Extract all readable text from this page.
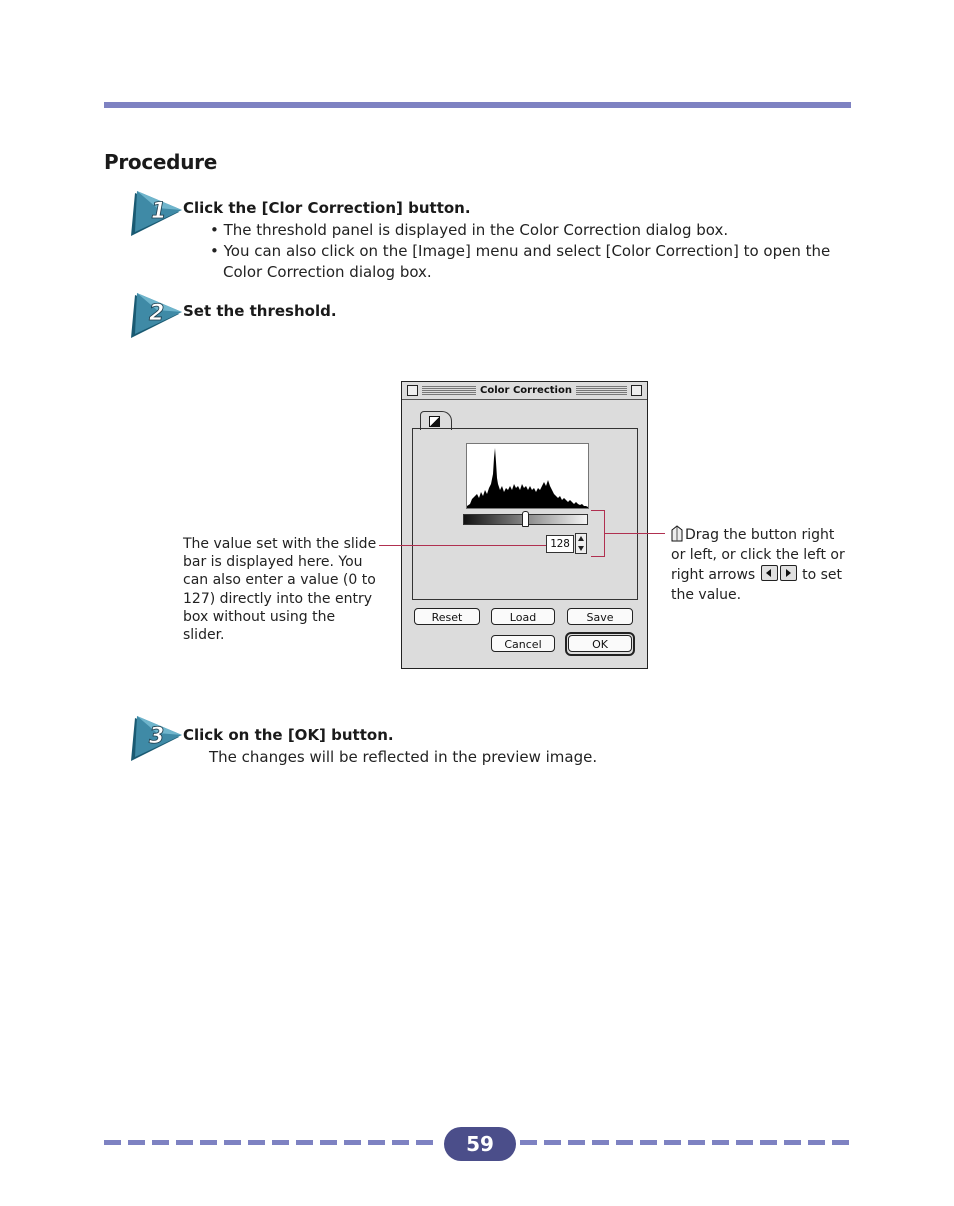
Procedure
1 Click the [Clor Correction] button.
• The threshold panel is displayed in the Color Correction dialog box.
• You can also click on the [Image] menu and select [Color Correction] to open the
Color Correction dialog box.
2 Set the threshold.
Color Correction
128
Reset	Load	Save
Cancel	OK
The value set with the slide bar is displayed here. You can also enter a value (0 to 127) directly into the entry box without using the slider.
Drag the button right or left, or click the left or right arrows	to set the value.
3 Click on the [OK] button.
The changes will be reflected in the preview image.
59
